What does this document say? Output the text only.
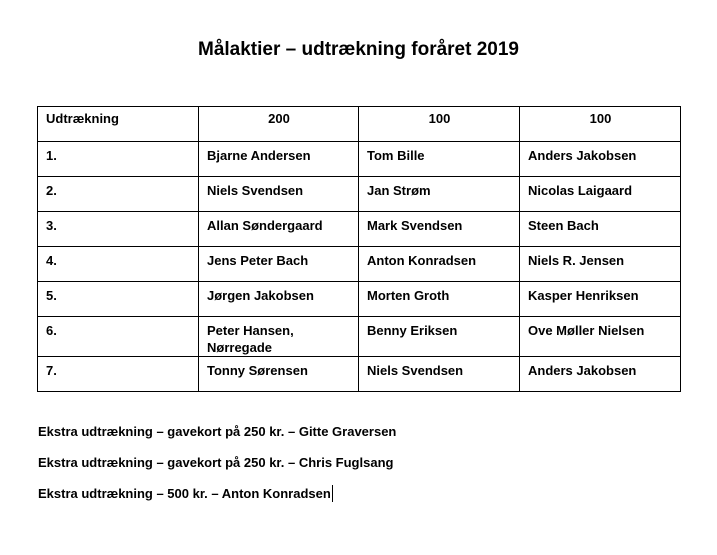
Målaktier – udtrækning foråret 2019
Udtrækning	200	100	100
1.	Bjarne Andersen	Tom Bille	Anders Jakobsen
2.	Niels Svendsen	Jan Strøm	Nicolas Laigaard
3.	Allan Søndergaard	Mark Svendsen	Steen Bach
4.	Jens Peter Bach	Anton Konradsen	Niels R. Jensen
5.	Jørgen Jakobsen	Morten Groth	Kasper Henriksen
6.	Peter Hansen, Nørregade	Benny Eriksen	Ove Møller Nielsen
7.	Tonny Sørensen	Niels Svendsen	Anders Jakobsen
Ekstra udtrækning – gavekort på 250 kr. – Gitte Graversen
Ekstra udtrækning – gavekort på 250 kr. – Chris Fuglsang
Ekstra udtrækning – 500 kr. – Anton Konradsen
